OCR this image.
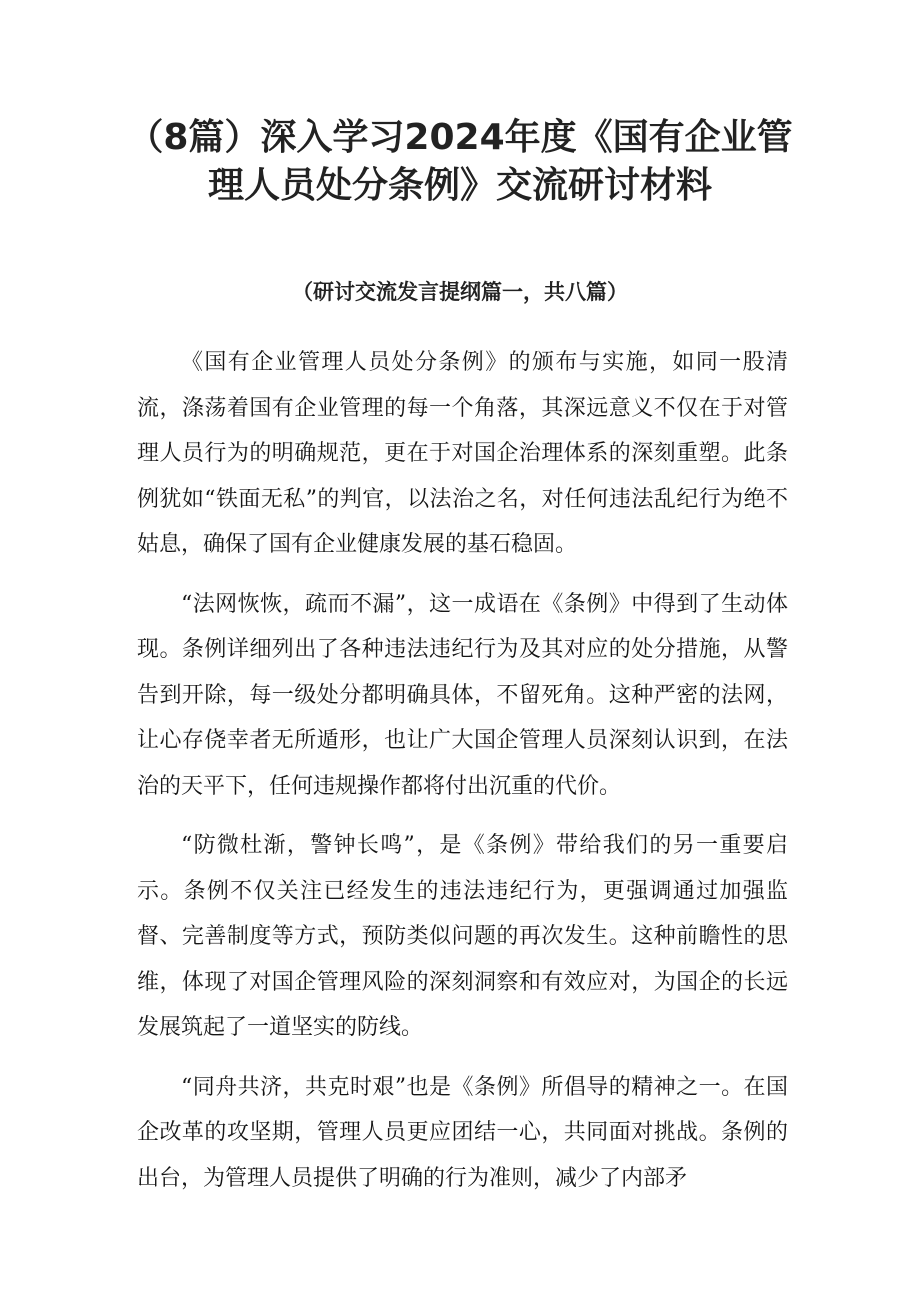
（8篇）深入学习2024年度《国有企业管
理人员处分条例》交流研讨材料
（研讨交流发言提纲篇一，共八篇）

《国有企业管理人员处分条例》的颁布与实施，如同一股清流，涤荡着国有企业管理的每一个角落，其深远意义不仅在于对管理人员行为的明确规范，更在于对国企治理体系的深刻重塑。此条例犹如“铁面无私”的判官，以法治之名，对任何违法乱纪行为绝不姑息，确保了国有企业健康发展的基石稳固。

“法网恢恢，疏而不漏”，这一成语在《条例》中得到了生动体现。条例详细列出了各种违法违纪行为及其对应的处分措施，从警告到开除，每一级处分都明确具体，不留死角。这种严密的法网，让心存侥幸者无所遁形，也让广大国企管理人员深刻认识到，在法治的天平下，任何违规操作都将付出沉重的代价。

“防微杜渐，警钟长鸣”，是《条例》带给我们的另一重要启示。条例不仅关注已经发生的违法违纪行为，更强调通过加强监督、完善制度等方式，预防类似问题的再次发生。这种前瞻性的思维，体现了对国企管理风险的深刻洞察和有效应对，为国企的长远发展筑起了一道坚实的防线。

“同舟共济，共克时艰”也是《条例》所倡导的精神之一。在国企改革的攻坚期，管理人员更应团结一心，共同面对挑战。条例的出台，为管理人员提供了明确的行为准则，减少了内部矛
